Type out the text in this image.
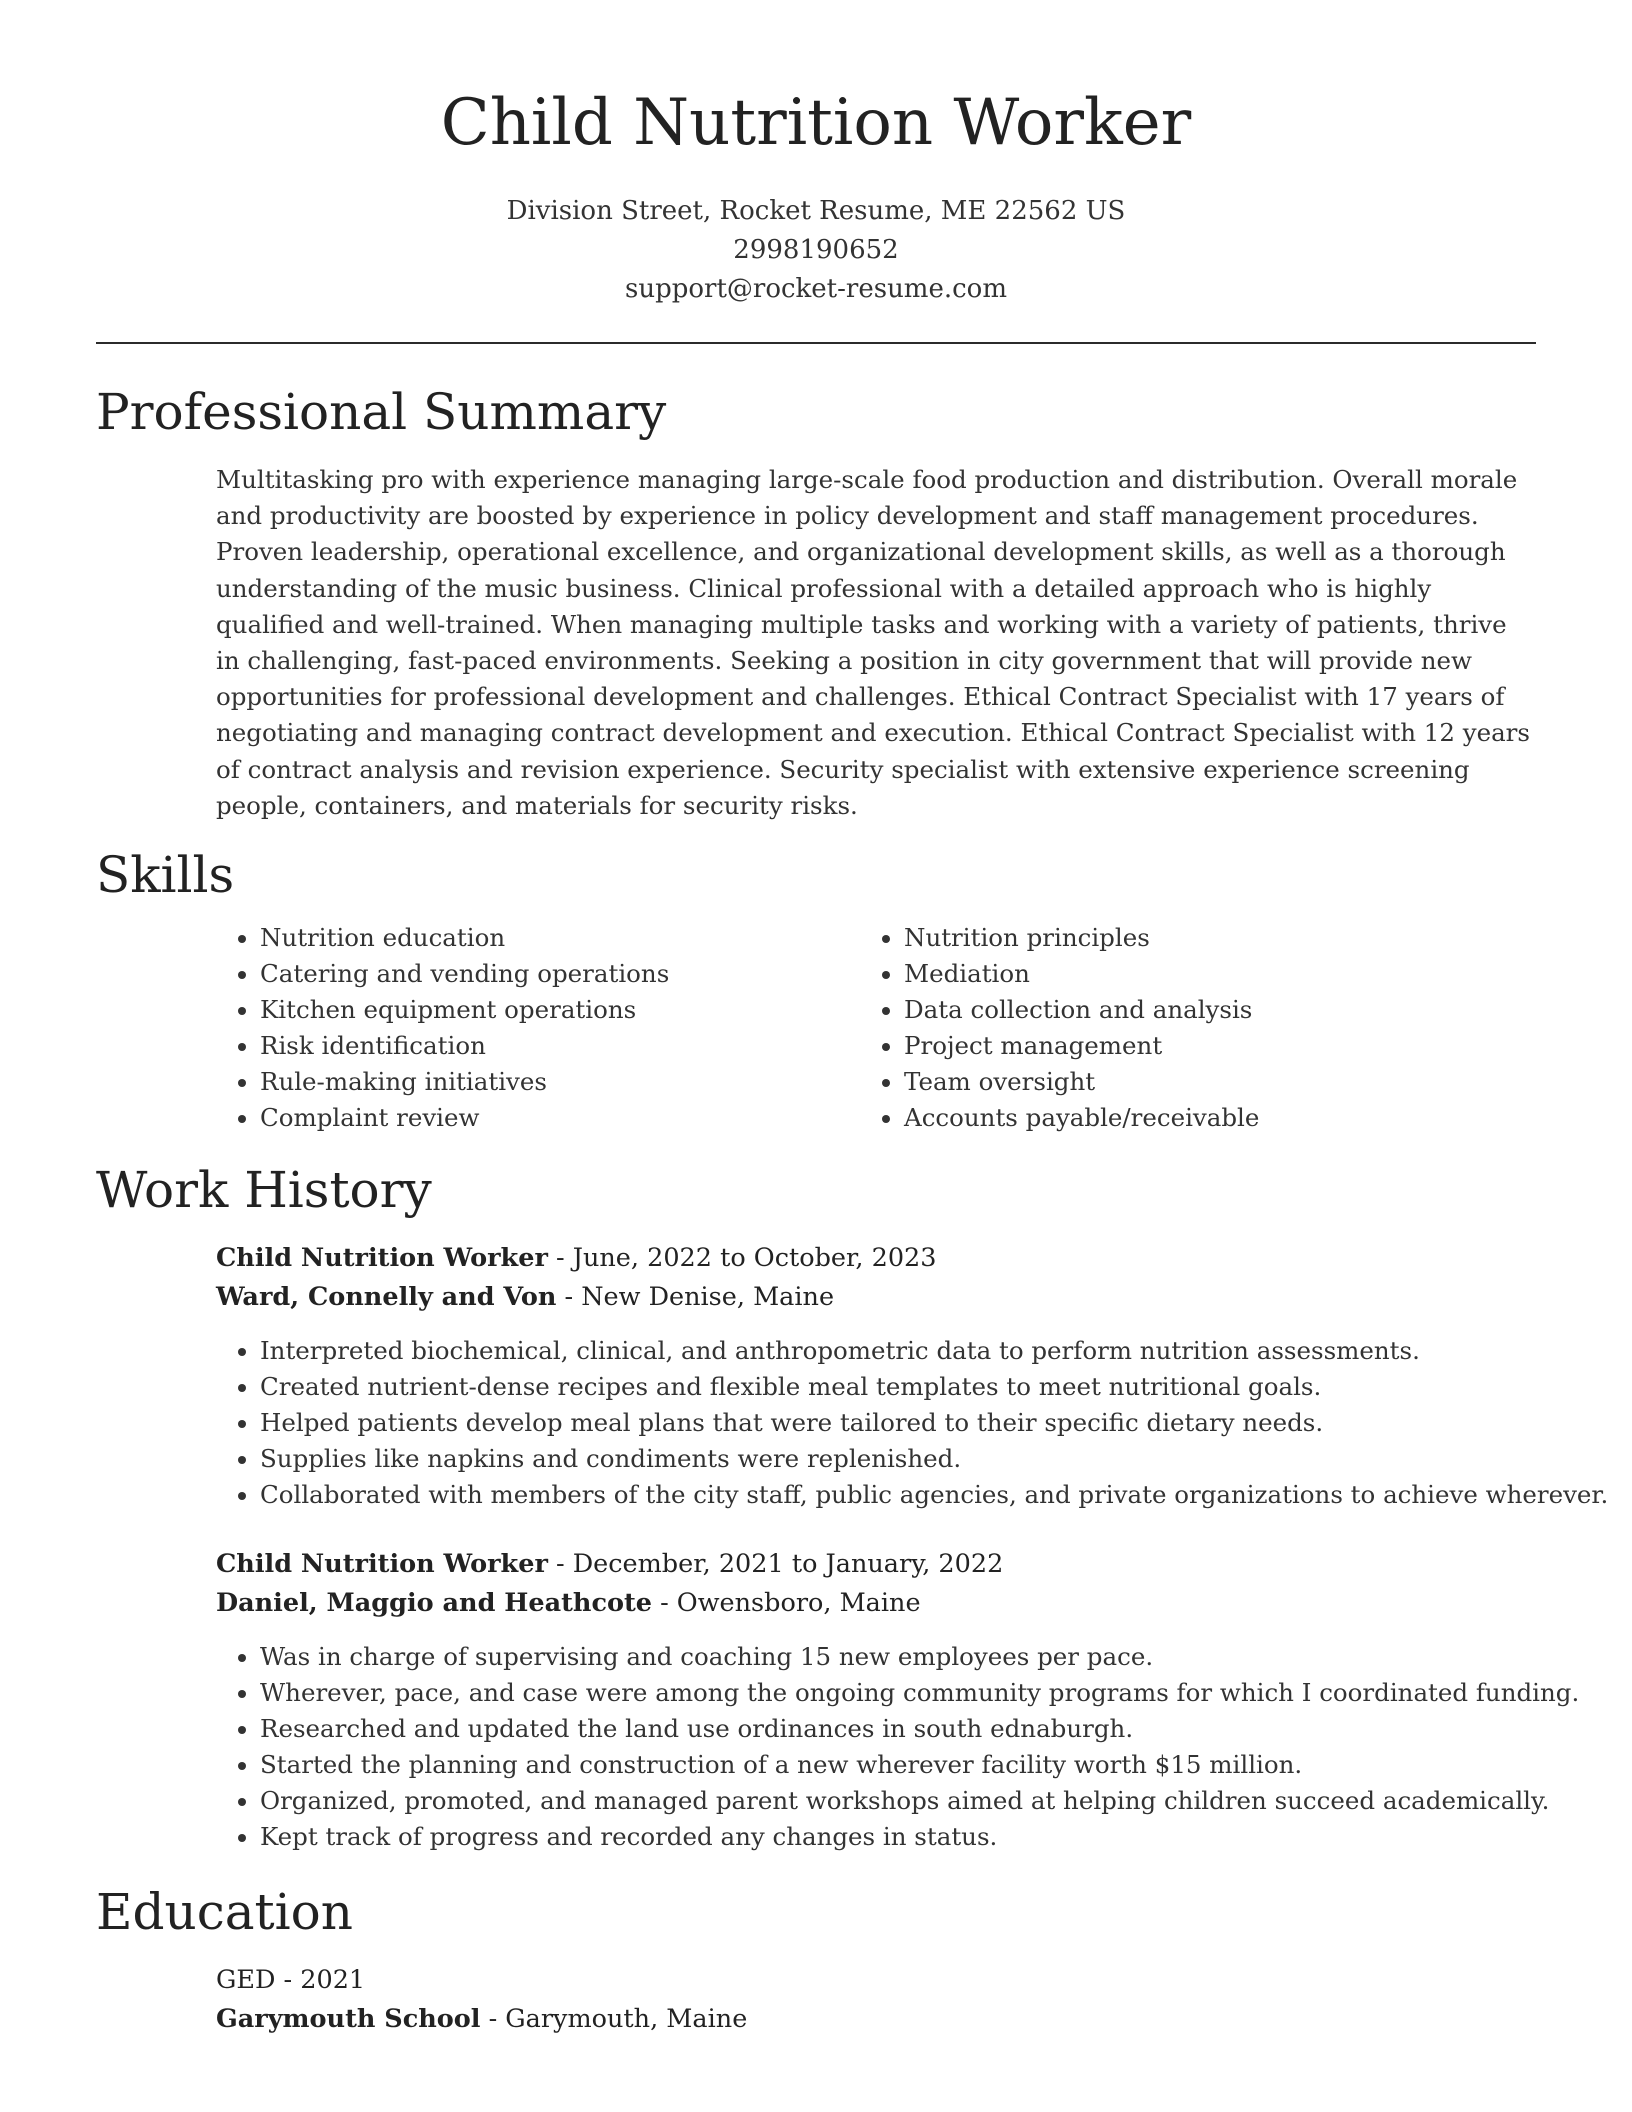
Child Nutrition Worker
Division Street, Rocket Resume, ME 22562 US
2998190652
support@rocket-resume.com
Professional Summary

Multitasking pro with experience managing large-scale food production and distribution. Overall morale and productivity are boosted by experience in policy development and staff management procedures. Proven leadership, operational excellence, and organizational development skills, as well as a thorough understanding of the music business. Clinical professional with a detailed approach who is highly qualified and well-trained. When managing multiple tasks and working with a variety of patients, thrive in challenging, fast-paced environments. Seeking a position in city government that will provide new opportunities for professional development and challenges. Ethical Contract Specialist with 17 years of negotiating and managing contract development and execution. Ethical Contract Specialist with 12 years of contract analysis and revision experience. Security specialist with extensive experience screening people, containers, and materials for security risks.

Skills
• Nutrition education
• Catering and vending operations
• Kitchen equipment operations
• Risk identification
• Rule-making initiatives
• Complaint review
• Nutrition principles
• Mediation
• Data collection and analysis
• Project management
• Team oversight
• Accounts payable/receivable
Work History
Child Nutrition Worker - June, 2022 to October, 2023
Ward, Connelly and Von - New Denise, Maine
• Interpreted biochemical, clinical, and anthropometric data to perform nutrition assessments.
• Created nutrient-dense recipes and flexible meal templates to meet nutritional goals.
• Helped patients develop meal plans that were tailored to their specific dietary needs.
• Supplies like napkins and condiments were replenished.
• Collaborated with members of the city staff, public agencies, and private organizations to achieve wherever.
Child Nutrition Worker - December, 2021 to January, 2022
Daniel, Maggio and Heathcote - Owensboro, Maine
• Was in charge of supervising and coaching 15 new employees per pace.
• Wherever, pace, and case were among the ongoing community programs for which I coordinated funding.
• Researched and updated the land use ordinances in south ednaburgh.
• Started the planning and construction of a new wherever facility worth $15 million.
• Organized, promoted, and managed parent workshops aimed at helping children succeed academically.
• Kept track of progress and recorded any changes in status.
Education
GED - 2021
Garymouth School - Garymouth, Maine
